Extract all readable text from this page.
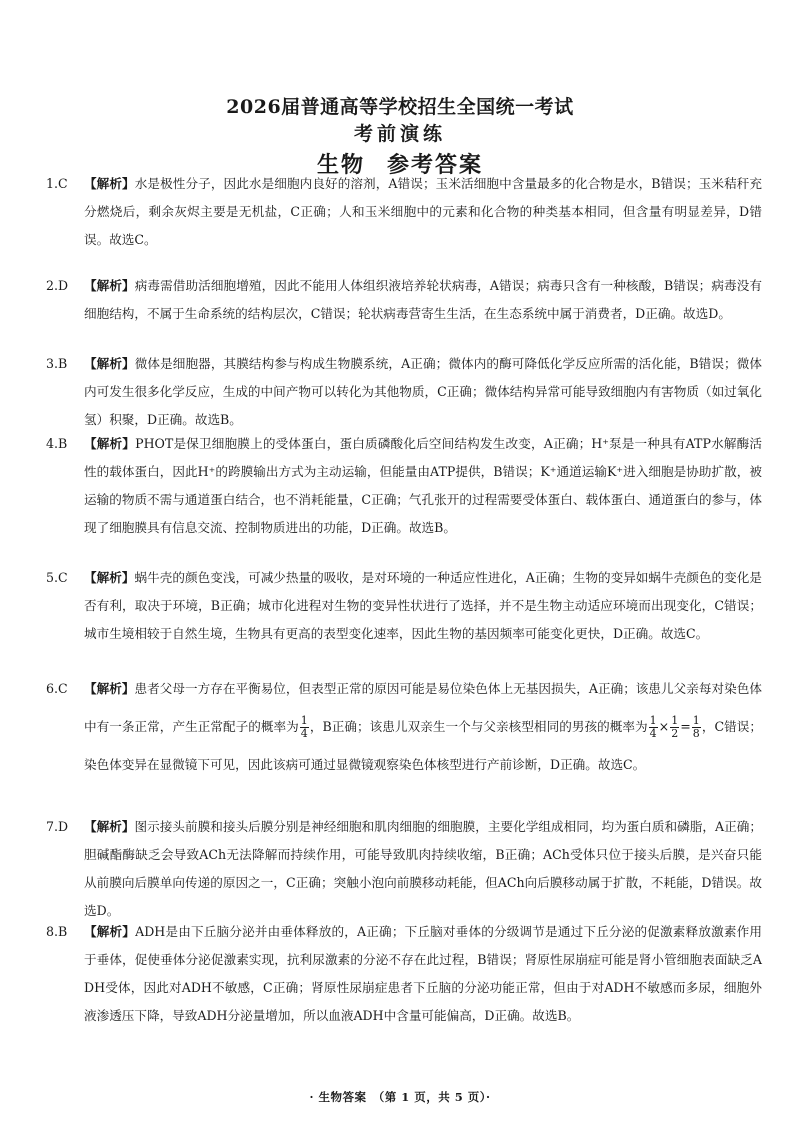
2026届普通高等学校招生全国统一考试
考前演练
生物 参考答案
1.C	【解析】水是极性分子，因此水是细胞内良好的溶剂，A错误；玉米活细胞中含量最多的化合物是水，B错误；玉米秸秆充分燃烧后，剩余灰烬主要是无机盐，C正确；人和玉米细胞中的元素和化合物的种类基本相同，但含量有明显差异，D错误。故选C。
2.D	【解析】病毒需借助活细胞增殖，因此不能用人体组织液培养轮状病毒，A错误；病毒只含有一种核酸，B错误；病毒没有细胞结构，不属于生命系统的结构层次，C错误；轮状病毒营寄生生活，在生态系统中属于消费者，D正确。故选D。
3.B	【解析】微体是细胞器，其膜结构参与构成生物膜系统，A正确；微体内的酶可降低化学反应所需的活化能，B错误；微体内可发生很多化学反应，生成的中间产物可以转化为其他物质，C正确；微体结构异常可能导致细胞内有害物质（如过氧化氢）积聚，D正确。故选B。
4.B	【解析】PHOT是保卫细胞膜上的受体蛋白，蛋白质磷酸化后空间结构发生改变，A正确；H⁺泵是一种具有ATP水解酶活性的载体蛋白，因此H⁺的跨膜输出方式为主动运输，但能量由ATP提供，B错误；K⁺通道运输K⁺进入细胞是协助扩散，被运输的物质不需与通道蛋白结合，也不消耗能量，C正确；气孔张开的过程需要受体蛋白、载体蛋白、通道蛋白的参与，体现了细胞膜具有信息交流、控制物质进出的功能，D正确。故选B。
5.C	【解析】蜗牛壳的颜色变浅，可减少热量的吸收，是对环境的一种适应性进化，A正确；生物的变异如蜗牛壳颜色的变化是否有利，取决于环境，B正确；城市化进程对生物的变异性状进行了选择，并不是生物主动适应环境而出现变化，C错误；城市生境相较于自然生境，生物具有更高的表型变化速率，因此生物的基因频率可能变化更快，D正确。故选C。
6.C	【解析】患者父母一方存在平衡易位，但表型正常的原因可能是易位染色体上无基因损失，A正确；该患儿父亲每对染色体中有一条正常，产生正常配子的概率为 $\frac{1}{4}$ ，B正确；该患儿双亲生一个与父亲核型相同的男孩的概率为 $\frac{1}{4} \times \frac{1}{2} = \frac{1}{8}$ ，C错误；染色体变异在显微镜下可见，因此该病可通过显微镜观察染色体核型进行产前诊断，D正确。故选C。
7.D	【解析】图示接头前膜和接头后膜分别是神经细胞和肌肉细胞的细胞膜，主要化学组成相同，均为蛋白质和磷脂，A正确；胆碱酯酶缺乏会导致ACh无法降解而持续作用，可能导致肌肉持续收缩，B正确；ACh受体只位于接头后膜，是兴奋只能从前膜向后膜单向传递的原因之一，C正确；突触小泡向前膜移动耗能，但ACh向后膜移动属于扩散，不耗能，D错误。故选D。
8.B	【解析】ADH是由下丘脑分泌并由垂体释放的，A正确；下丘脑对垂体的分级调节是通过下丘分泌的促激素释放激素作用于垂体，促使垂体分泌促激素实现，抗利尿激素的分泌不存在此过程，B错误；肾原性尿崩症可能是肾小管细胞表面缺乏ADH受体，因此对ADH不敏感，C正确；肾原性尿崩症患者下丘脑的分泌功能正常，但由于对ADH不敏感而多尿，细胞外液渗透压下降，导致ADH分泌量增加，所以血液ADH中含量可能偏高，D正确。故选B。
· 生物答案　（第 1 页，共 5 页）·
